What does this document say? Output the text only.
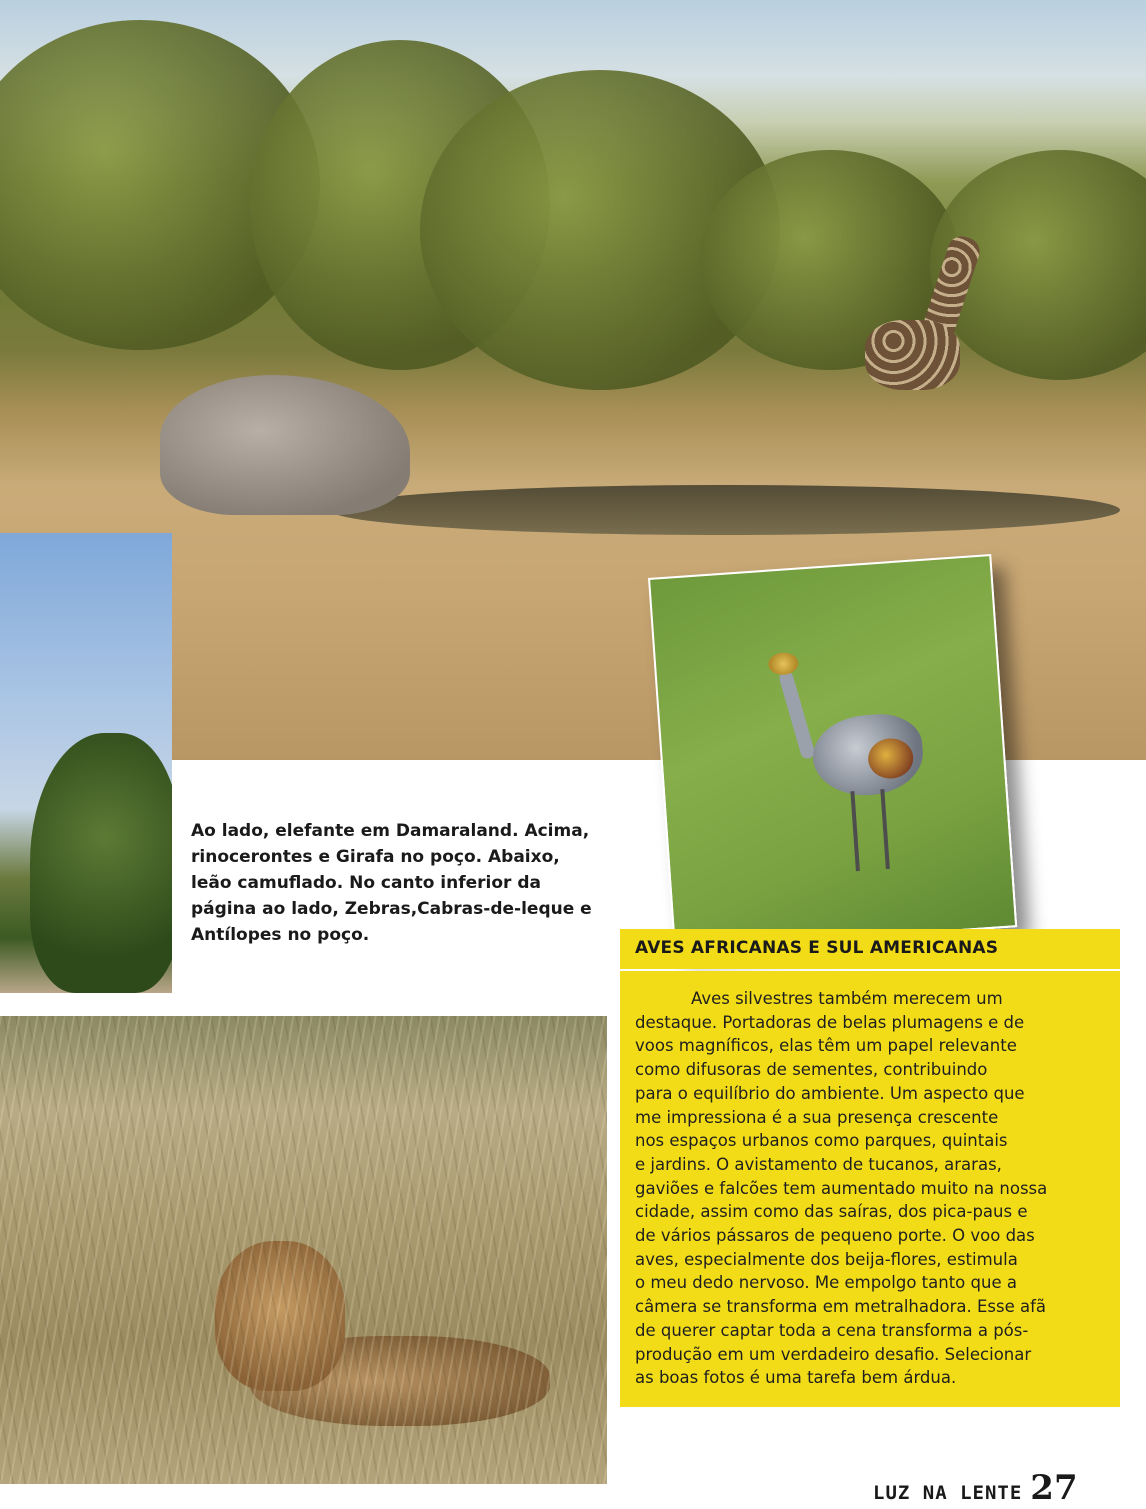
Ao lado, elefante em Damaraland. Acima,
rinocerontes e Girafa no poço. Abaixo,
leão camuflado. No canto inferior da
página ao lado, Zebras,Cabras-de-leque e
Antílopes no poço.
AVES AFRICANAS E SUL AMERICANAS
Aves silvestres também merecem um
destaque. Portadoras de belas plumagens e de
voos magníficos, elas têm um papel relevante
como difusoras de sementes, contribuindo
para o equilíbrio do ambiente. Um aspecto que
me impressiona é a sua presença crescente
nos espaços urbanos como parques, quintais
e jardins. O avistamento de tucanos, araras,
gaviões e falcões tem aumentado muito na nossa
cidade, assim como das saíras, dos pica-paus e
de vários pássaros de pequeno porte. O voo das
aves, especialmente dos beija-flores, estimula
o meu dedo nervoso. Me empolgo tanto que a
câmera se transforma em metralhadora. Esse afã
de querer captar toda a cena transforma a pós-
produção em um verdadeiro desafio. Selecionar
as boas fotos é uma tarefa bem árdua.
LUZ NA LENTE 27
